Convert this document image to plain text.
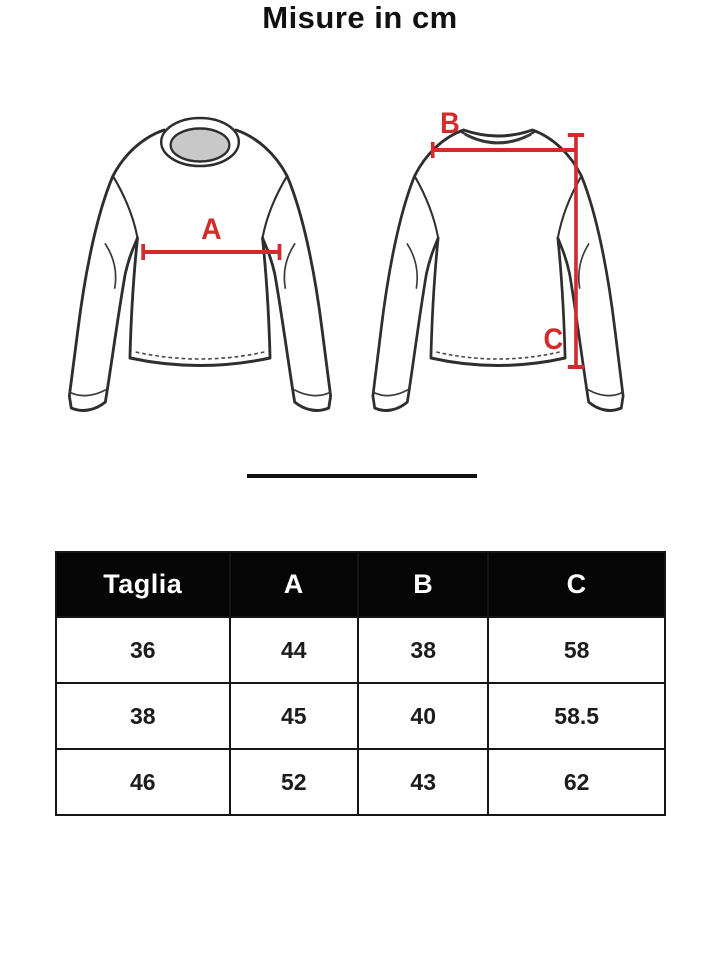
A
B
C
Misure in cm
Taglia	A	B	C
36	44	38	58
38	45	40	58.5
46	52	43	62
